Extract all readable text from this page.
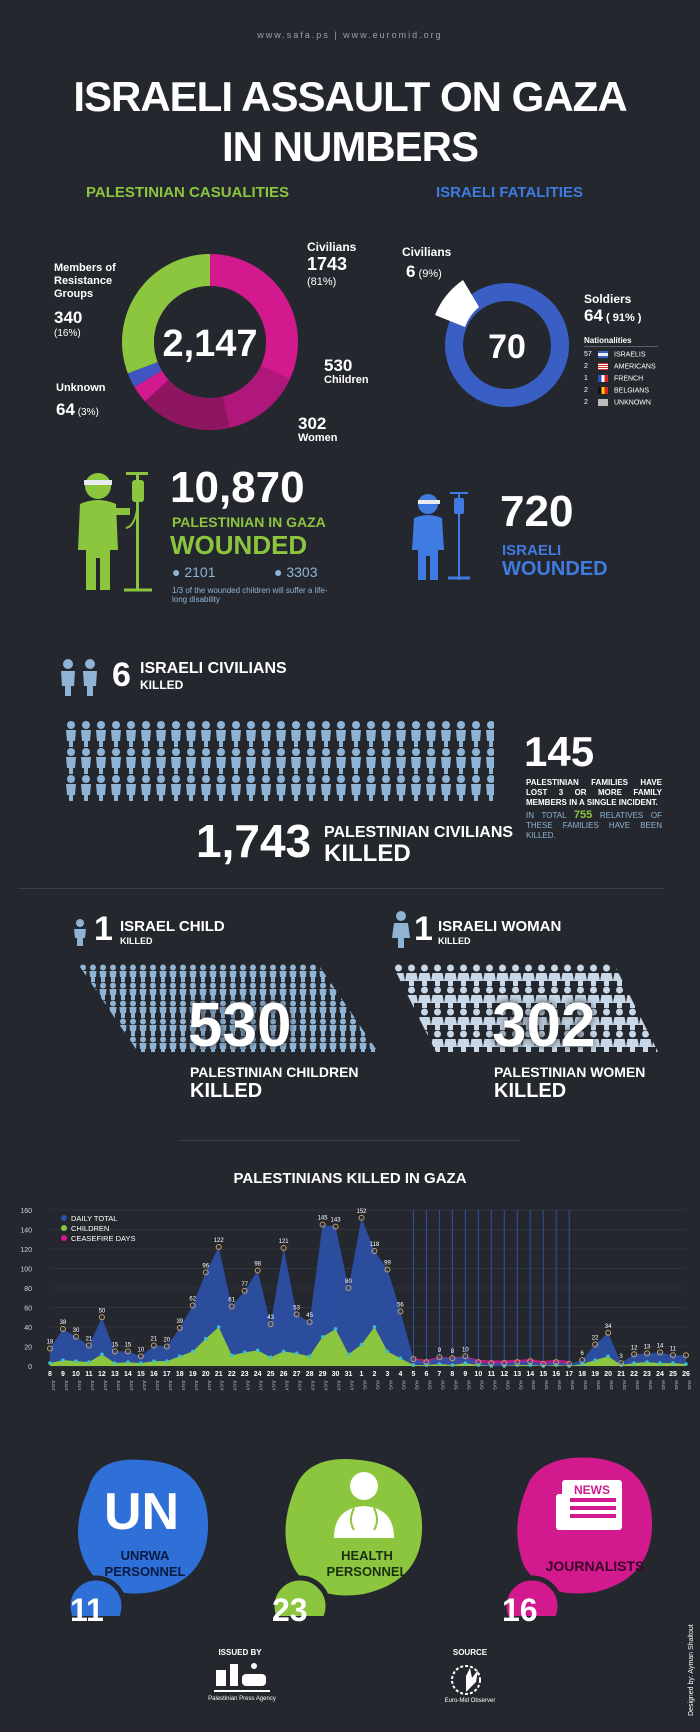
www.safa.ps | www.euromid.org
ISRAELI ASSAULT ON GAZA
IN NUMBERS
PALESTINIAN CASUALITIES	ISRAELI FATALITIES
2,147
Members of Resistance Groups
340
(16%)
Unknown
64 (3%)
Civilians
1743
(81%)
530
Children
302
Women
70
Civilians
6 (9%)
Soldiers
64 ( 91% )
Nationalities
57	ISRAELIS
2	AMERICANS
1	FRENCH
2	BELGIANS
2	UNKNOWN
10,870
PALESTINIAN IN GAZA
WOUNDED
● 2101	● 3303
1/3 of the wounded children will suffer a life-long disability
720
ISRAELI
WOUNDED
6 ISRAELI CIVILIANS
KILLED
1,743 PALESTINIAN CIVILIANS
KILLED
145
PALESTINIAN FAMILIES HAVE LOST 3 OR MORE FAMILY MEMBERS IN A SINGLE INCIDENT.
IN TOTAL 755 RELATIVES OF THESE FAMILIES HAVE BEEN KILLED.
1 ISRAEL CHILD
KILLED	1 ISRAELI WOMAN
KILLED
530
PALESTINIAN CHILDREN
KILLED
302
PALESTINIAN WOMEN
KILLED
PALESTINIANS KILLED IN GAZA
0
20
40
60
80
100
120
140
160
18
38
30
21
50
15 15
10
21 20
39
62
96
122
61
77
98
43
121
53
45
145 143
80
152
118
99
56
9 8 10
6
22
34
3
12 13 14 11
8
JULY
9
JULY
10
JULY
11
JULY
12
JULY
13
JULY
14
JULY
15
JULY
16
JULY
17
JULY
18
JULY
19
JULY
20
JULY
21
JULY
22
JULY
23
JULY
24
JULY
25
JULY
26
JULY
27
JULY
28
JULY
29
JULY
30
JULY
31
JULY
1
AUG
2
AUG
3
AUG
4
AUG
5
AUG
6
AUG
7
AUG
8
AUG
9
AUG
10
AUG
11
AUG
12
AUG
13
AUG
14
AUG
15
AUG
16
AUG
17
AUG
18
AUG
19
AUG
20
AUG
21
AUG
22
AUG
23
AUG
24
AUG
25
AUG
26
AUG
DAILY TOTAL
CHILDREN
CEASEFIRE DAYS
UN
UNRWA
PERSONNEL
11
HEALTH
PERSONNEL
23
NEWS
JOURNALISTS
16
ISSUED BY
Palestinian Press Agency
SOURCE
Euro-Mid Observer	Designed by: Ayman Shaltout
